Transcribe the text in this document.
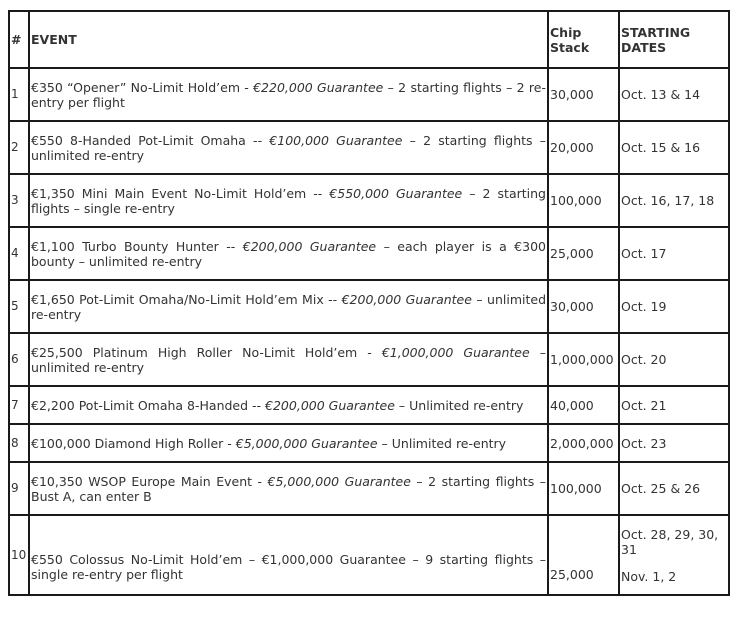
#	EVENT	Chip Stack	STARTING DATES
1	€350 “Opener” No-Limit Hold’em - €220,000 Guarantee – 2 starting flights – 2 re-entry per flight	30,000	Oct. 13 & 14
2	€550 8-Handed Pot-Limit Omaha -- €100,000 Guarantee – 2 starting flights – unlimited re-entry	20,000	Oct. 15 & 16
3	€1,350 Mini Main Event No-Limit Hold’em -- €550,000 Guarantee – 2 starting flights – single re-entry	100,000	Oct. 16, 17, 18
4	€1,100 Turbo Bounty Hunter -- €200,000 Guarantee – each player is a €300 bounty – unlimited re-entry	25,000	Oct. 17
5	€1,650 Pot-Limit Omaha/No-Limit Hold’em Mix -- €200,000 Guarantee – unlimited re-entry	30,000	Oct. 19
6	€25,500 Platinum High Roller No-Limit Hold’em - €1,000,000 Guarantee – unlimited re-entry	1,000,000	Oct. 20
7	€2,200 Pot-Limit Omaha 8-Handed -- €200,000 Guarantee – Unlimited re-entry	40,000	Oct. 21
8	€100,000 Diamond High Roller - €5,000,000 Guarantee – Unlimited re-entry	2,000,000	Oct. 23
9	€10,350 WSOP Europe Main Event - €5,000,000 Guarantee – 2 starting flights – Bust A, can enter B	100,000	Oct. 25 & 26
10	€550 Colossus No-Limit Hold’em – €1,000,000 Guarantee – 9 starting flights – single re-entry per flight	25,000	Oct. 28, 29, 30, 31
Nov. 1, 2
